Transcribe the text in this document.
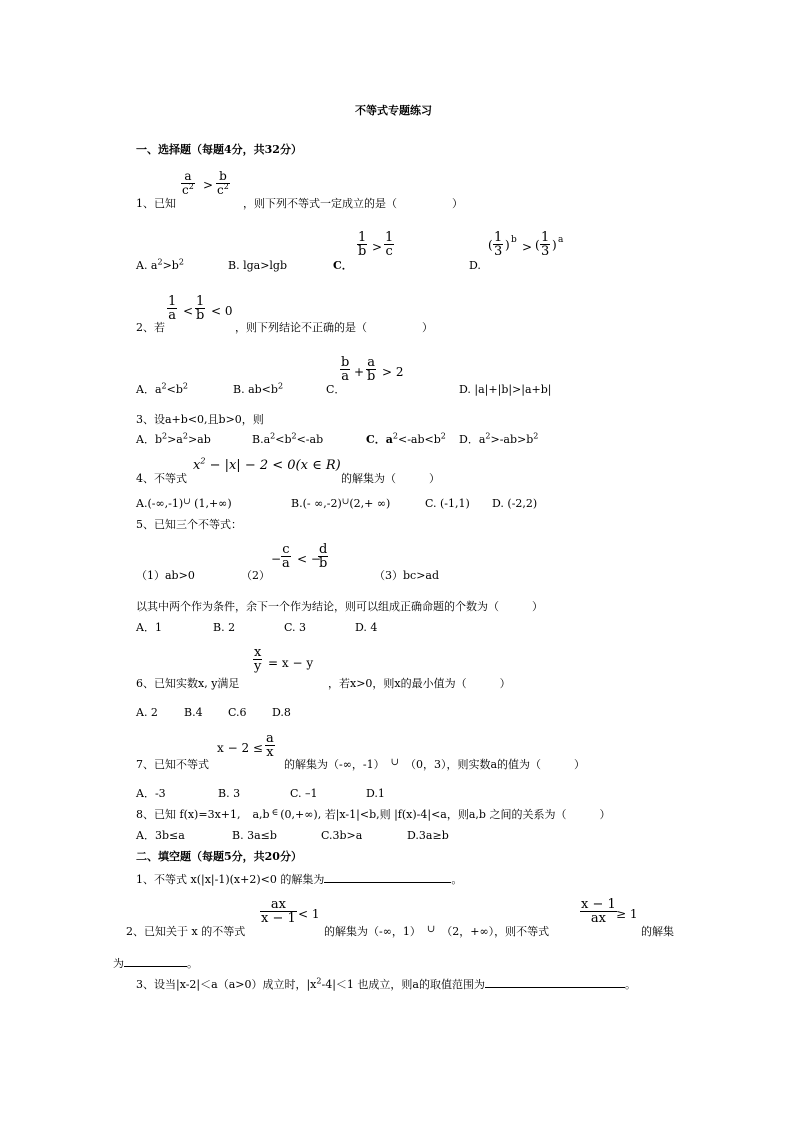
不等式专题练习
一、选择题（每题4分，共32分）
$\frac{a}{c^2} > \frac{b}{c^2}$
1、已知	，则下列不等式一定成立的是（　　　　　）
A. $a^2>b^2$	B. lga>lgb	C．
$\frac{1}{b} > \frac{1}{c}$
D.
( $\frac{1}{3}$ ) b > ( $\frac{1}{3}$ ) a
$\frac{1}{a} < \frac{1}{b} < 0$
2、若	，则下列结论不正确的是（　　　　　）
A．$a^2<b^2$	B. $ab<b^2$	C．
$\frac{b}{a} + \frac{a}{b} > 2$
D. |a|+|b|>|a+b|
3、设a+b<0,且b>0，则
A．$b^2>a^2>ab$	$B.a^2<b^2<-ab$	C．$a^2<-ab<b^2$ D．$a^2>-ab>b^2$
4、不等式
$x^2 - |x| - 2 < 0(x$ ∈ R)
的解集为（　　　）
A.(-∞,-1)∪ (1,+∞)	B.(- ∞,-2)∪(2,+ ∞)	C. (-1,1) D. (-2,2)
5、已知三个不等式：
（1）ab>0	（2）
− $\frac{c}{a}$ < −
$\frac{d}{b}$
（3）bc>ad
以其中两个作为条件，余下一个作为结论，则可以组成正确命题的个数为（　　　）
A．1	B. 2	C. 3	D. 4
$\frac{x}{y} = x - y$
6、已知实数x, y满足	，若x>0，则x的最小值为（　　　）
A. 2 B.4 C.6 D.8
$x - 2 \le \frac{a}{x}$
7、已知不等式	的解集为（-∞，-1） ∪ （0，3），则实数a的值为（　　　）
A．-3	B. 3	C. –1	D.1
8、已知 f(x)=3x+1, a,b ∈ (0,+∞), 若|x-1|<b,则 |f(x)-4|<a，则a,b 之间的关系为（　　　）
A．3b≤a	B. 3a≤b	C.3b>a	D.3a≥b
二、填空题（每题5分，共20分）
1、不等式 x(|x|-1)(x+2)<0 的解集为	。
$\frac{ax}{x - 1} < 1$
2、已知关于 x 的不等式	的解集为（-∞，1） ∪ （2，+∞），则不等式
$\frac{x - 1}{ax} \ge 1$
的解集
为	。
3、设当|x-2|＜a（a>0）成立时，$|x^2-4|<1$ 也成立，则a的取值范围为	。
